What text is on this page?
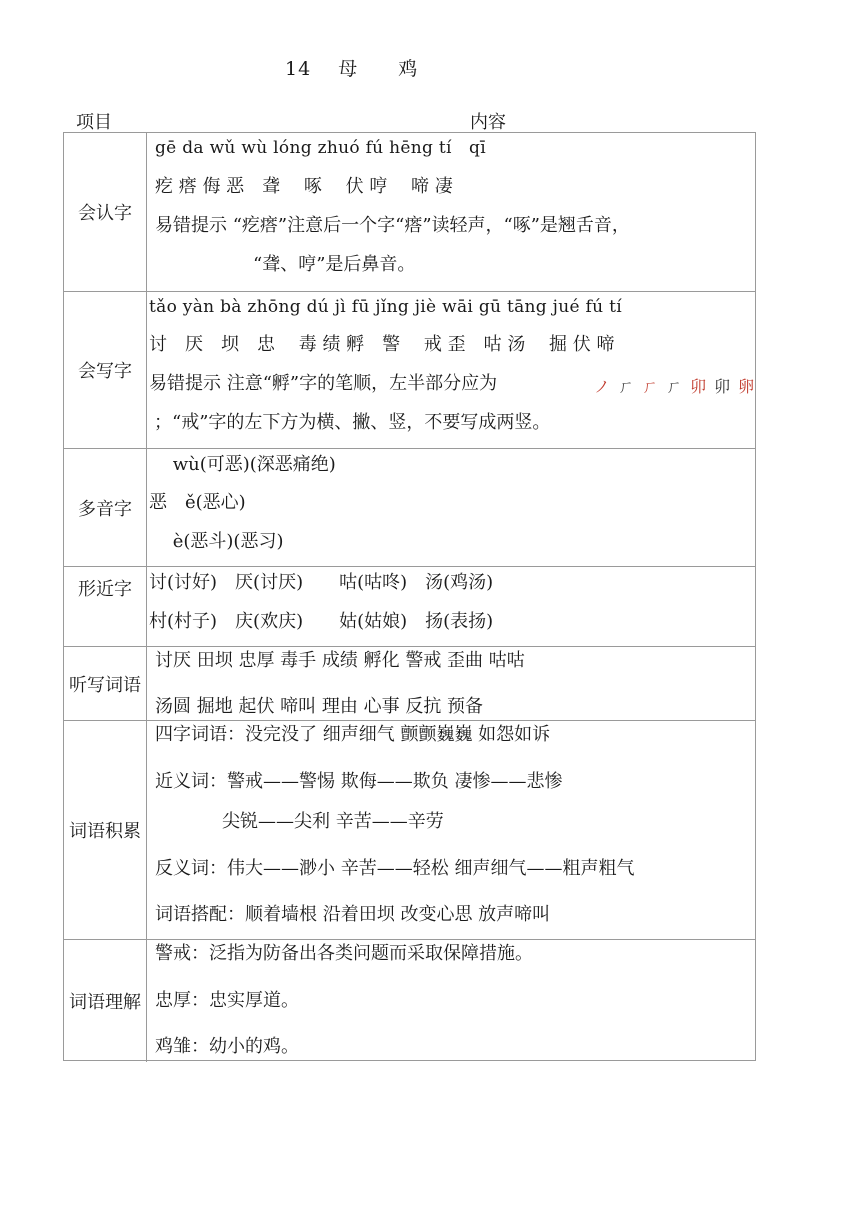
14　 母　　鸡
项目	内容
会认字
gē da wǔ wù lóng zhuó fú hēng tí　qī
疙 瘩 侮 恶　聋　 啄　 伏 哼　 啼 凄
易错提示 “疙瘩”注意后一个字“瘩”读轻声，“啄”是翘舌音，
“聋、哼”是后鼻音。
会写字
tǎo yàn bà zhōng dú jì fū jǐng jiè wāi gū tāng jué fú tí
讨　厌　坝　忠　 毒 绩 孵　警　 戒 歪　咕 汤　 掘 伏 啼
易错提示 注意“孵”字的笔顺，左半部分应为	ノ ㄏ ㄏ ㄏ 卯 卯 卵
；“戒”字的左下方为横、撇、竖，不要写成两竖。
多音字
　 wù(可恶)(深恶痛绝)
恶　ě(恶心)
　 è(恶斗)(恶习)
形近字 讨(讨好)　厌(讨厌)　　咕(咕咚)　汤(鸡汤)
村(村子)　庆(欢庆)　　姑(姑娘)　扬(表扬)
听写词语
讨厌 田坝 忠厚 毒手 成绩 孵化 警戒 歪曲 咕咕
汤圆 掘地 起伏 啼叫 理由 心事 反抗 预备
词语积累
四字词语：没完没了 细声细气 颤颤巍巍 如怨如诉
近义词：警戒——警惕 欺侮——欺负 凄惨——悲惨
尖锐——尖利 辛苦——辛劳
反义词：伟大——渺小 辛苦——轻松 细声细气——粗声粗气
词语搭配：顺着墙根 沿着田坝 改变心思 放声啼叫
词语理解
警戒：泛指为防备出各类问题而采取保障措施。
忠厚：忠实厚道。
鸡雏：幼小的鸡。
